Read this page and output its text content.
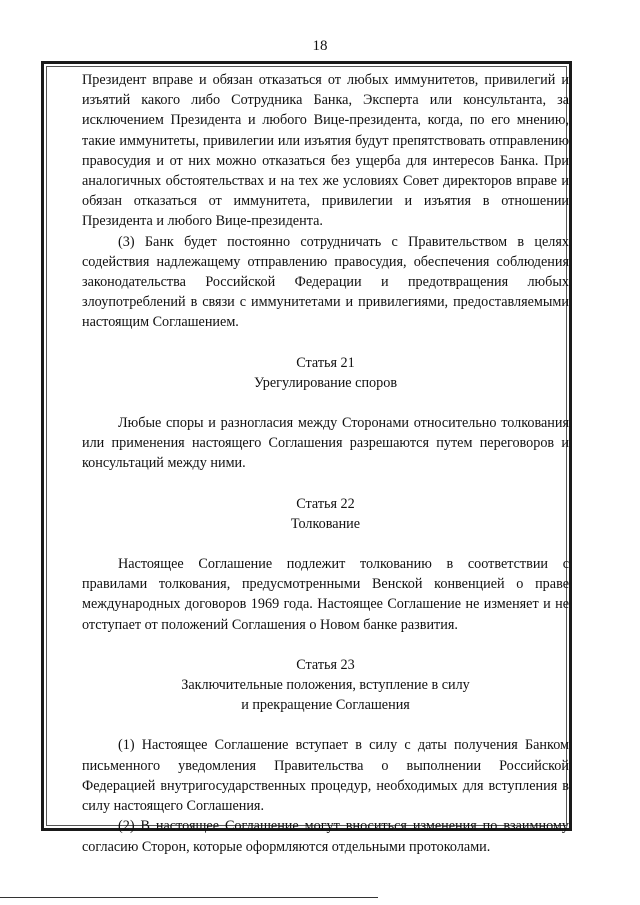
18

Президент вправе и обязан отказаться от любых иммунитетов, привилегий и изъятий какого либо Сотрудника Банка, Эксперта или консультанта, за исключением Президента и любого Вице-президента, когда, по его мнению, такие иммунитеты, привилегии или изъятия будут препятствовать отправлению правосудия и от них можно отказаться без ущерба для интересов Банка. При аналогичных обстоятельствах и на тех же условиях Совет директоров вправе и обязан отказаться от иммунитета, привилегии и изъятия в отношении Президента и любого Вице-президента.

(3) Банк будет постоянно сотрудничать с Правительством в целях содействия надлежащему отправлению правосудия, обеспечения соблюдения законодательства Российской Федерации и предотвращения любых злоупотреблений в связи с иммунитетами и привилегиями, предоставляемыми настоящим Соглашением.

Статья 21

Урегулирование споров

Любые споры и разногласия между Сторонами относительно толкования или применения настоящего Соглашения разрешаются путем переговоров и консультаций между ними.

Статья 22

Толкование

Настоящее Соглашение подлежит толкованию в соответствии с правилами толкования, предусмотренными Венской конвенцией о праве международных договоров 1969 года. Настоящее Соглашение не изменяет и не отступает от положений Соглашения о Новом банке развития.

Статья 23

Заключительные положения, вступление в силу

и прекращение Соглашения

(1) Настоящее Соглашение вступает в силу с даты получения Банком письменного уведомления Правительства о выполнении Российской Федерацией внутригосударственных процедур, необходимых для вступления в силу настоящего Соглашения.

(2) В настоящее Соглашение могут вноситься изменения по взаимному согласию Сторон, которые оформляются отдельными протоколами.
